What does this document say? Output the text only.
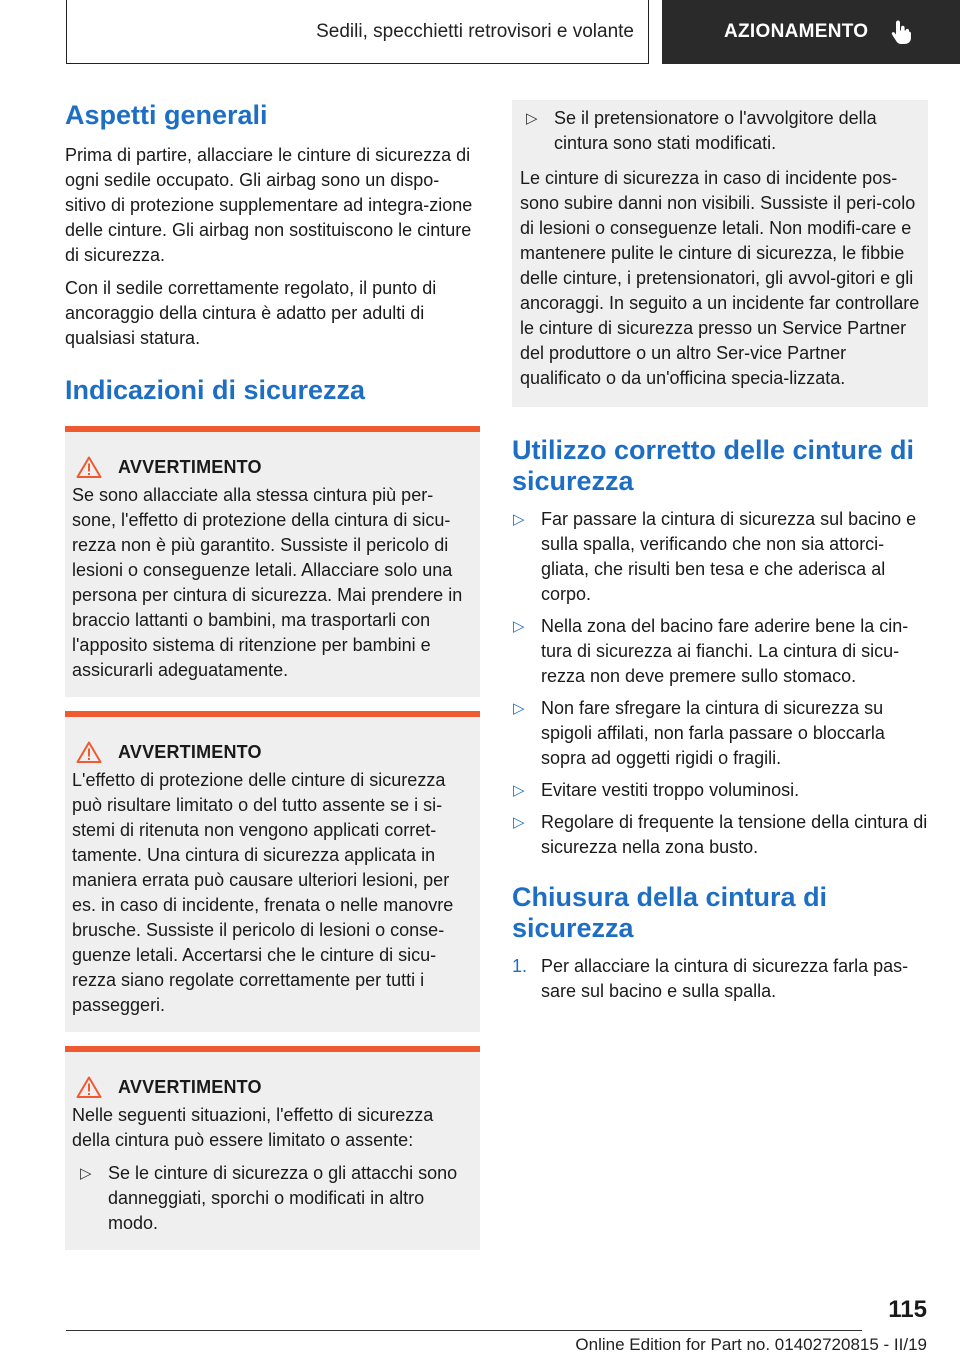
Sedili, specchietti retrovisori e volante	AZIONAMENTO
Aspetti generali

Prima di partire, allacciare le cinture di sicurezza di ogni sedile occupato. Gli airbag sono un dispo-sitivo di protezione supplementare ad integra-zione delle cinture. Gli airbag non sostituiscono le cinture di sicurezza.

Con il sedile correttamente regolato, il punto di ancoraggio della cintura è adatto per adulti di qualsiasi statura.

Indicazioni di sicurezza
AVVERTIMENTO

Se sono allacciate alla stessa cintura più per-sone, l'effetto di protezione della cintura di sicu-rezza non è più garantito. Sussiste il pericolo di lesioni o conseguenze letali. Allacciare solo una persona per cintura di sicurezza. Mai prendere in braccio lattanti o bambini, ma trasportarli con l'apposito sistema di ritenzione per bambini e assicurarli adeguatamente.

AVVERTIMENTO

L'effetto di protezione delle cinture di sicurezza può risultare limitato o del tutto assente se i si-stemi di ritenuta non vengono applicati corret-tamente. Una cintura di sicurezza applicata in maniera errata può causare ulteriori lesioni, per es. in caso di incidente, frenata o nelle manovre brusche. Sussiste il pericolo di lesioni o conse-guenze letali. Accertarsi che le cinture di sicu-rezza siano regolate correttamente per tutti i passeggeri.

AVVERTIMENTO

Nelle seguenti situazioni, l'effetto di sicurezza della cintura può essere limitato o assente:

▷ Se le cinture di sicurezza o gli attacchi sono danneggiati, sporchi o modificati in altro modo.
▷ Se il pretensionatore o l'avvolgitore della cintura sono stati modificati.

Le cinture di sicurezza in caso di incidente pos-sono subire danni non visibili. Sussiste il peri-colo di lesioni o conseguenze letali. Non modifi-care e mantenere pulite le cinture di sicurezza, le fibbie delle cinture, i pretensionatori, gli avvol-gitori e gli ancoraggi. In seguito a un incidente far controllare le cinture di sicurezza presso un Service Partner del produttore o un altro Ser-vice Partner qualificato o da un'officina specia-lizzata.

Utilizzo corretto delle cinture di sicurezza
▷ Far passare la cintura di sicurezza sul bacino e sulla spalla, verificando che non sia attorci-gliata, che risulti ben tesa e che aderisca al corpo.
▷ Nella zona del bacino fare aderire bene la cin-tura di sicurezza ai fianchi. La cintura di sicu-rezza non deve premere sullo stomaco.
▷ Non fare sfregare la cintura di sicurezza su spigoli affilati, non farla passare o bloccarla sopra ad oggetti rigidi o fragili.
▷ Evitare vestiti troppo voluminosi.
▷ Regolare di frequente la tensione della cintura di sicurezza nella zona busto.
Chiusura della cintura di sicurezza
1. Per allacciare la cintura di sicurezza farla pas-sare sul bacino e sulla spalla.
115
Online Edition for Part no. 01402720815 - II/19
